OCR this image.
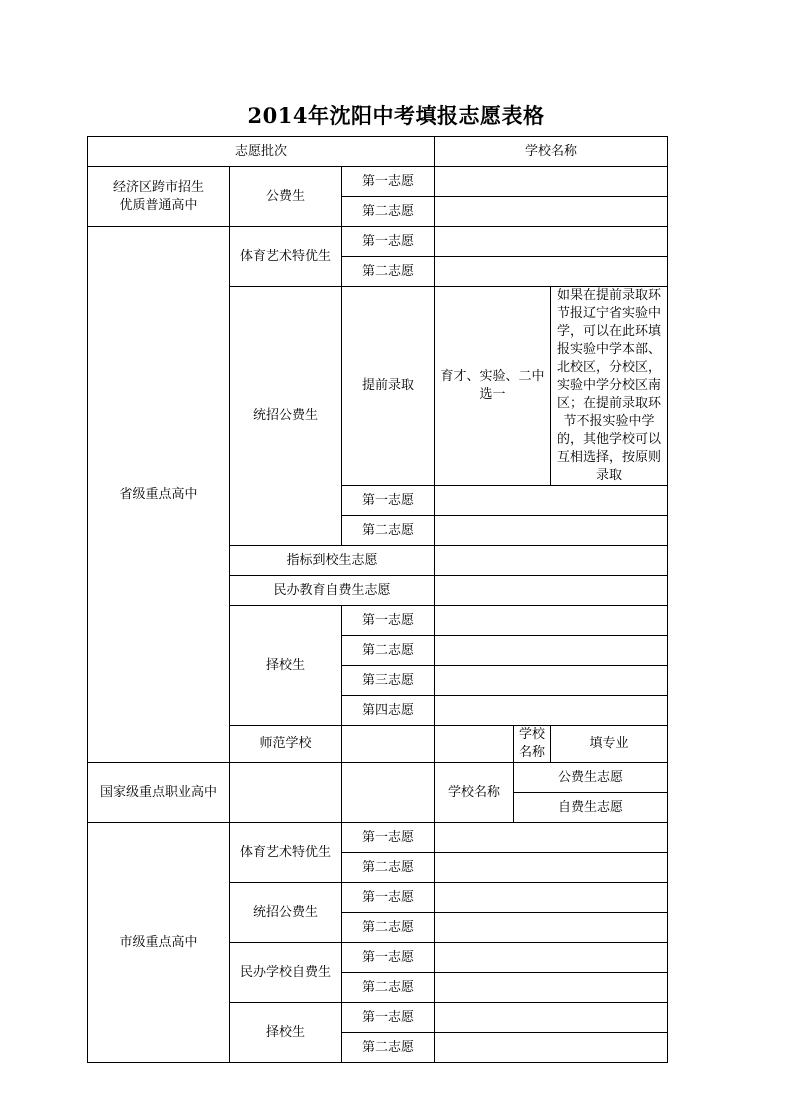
2014年沈阳中考填报志愿表格
志愿批次			学校名称		

经济区跨市招生
优质普通高中	公费生	第一志愿			
		第二志愿			
省级重点高中	体育艺术特优生	第一志愿			
		第二志愿			
	统招公费生	提前录取	育才、实验、二中选一		如果在提前录取环节报辽宁省实验中学，可以在此环填报实验中学本部、北校区，分校区，实验中学分校区南区；在提前录取环节不报实验中学的，其他学校可以互相选择，按原则录取
		第一志愿			
		第二志愿			
	指标到校生志愿				
	民办教育自费生志愿				
	择校生	第一志愿			
		第二志愿			
		第三志愿			
		第四志愿			
	师范学校			学校名称	填专业
国家级重点职业高中			学校名称	公费生志愿	
				自费生志愿	
市级重点高中	体育艺术特优生	第一志愿			
		第二志愿			
	统招公费生	第一志愿			
		第二志愿			
	民办学校自费生	第一志愿			
		第二志愿			
	择校生	第一志愿			
		第二志愿			
